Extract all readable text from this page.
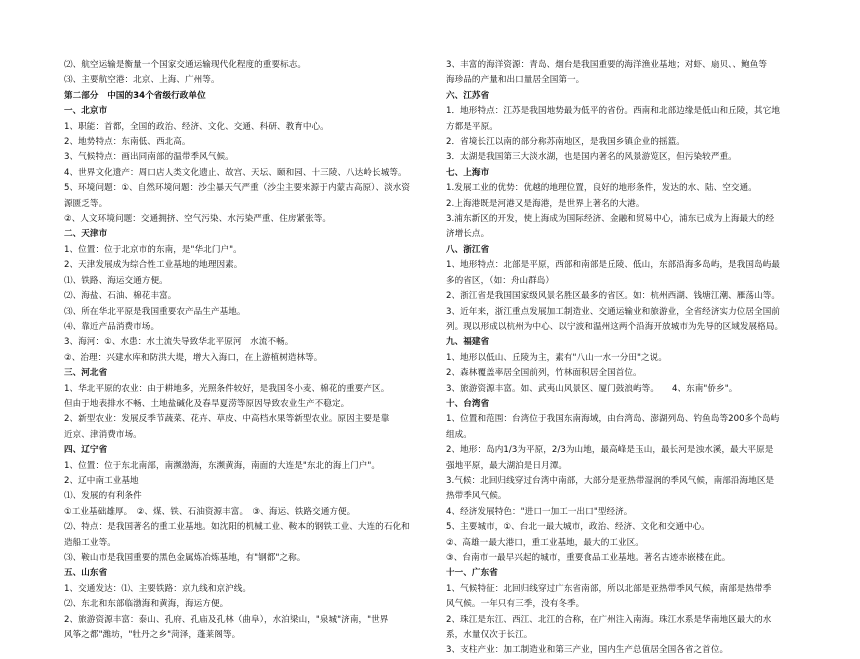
⑵、航空运输是衡量一个国家交通运输现代化程度的重要标志。
⑶、主要航空港：北京、上海、广州等。
第二部分　中国的34个省级行政单位
一、北京市
1、职能：首都，全国的政治、经济、文化、交通、科研、教育中心。
2、地势特点：东南低、西北高。
3、气候特点：画出同南部的温带季风气候。
4、世界文化遗产：周口店人类文化遗止、故宫、天坛、颐和园、十三陵、八达岭长城等。
5、环境问题：①、自然环境问题：沙尘暴天气严重（沙尘主要来源于内蒙古高原）、淡水资
源匮乏等。
②、人文环境问题：交通拥挤、空气污染、水污染严重、住房紧张等。
二、天津市
1、位置：位于北京市的东南，是"华北门户"。
2、天津发展成为综合性工业基地的地理因素。
⑴、铁路、海运交通方便。
⑵、海盐、石油、棉花丰富。
⑶、所在华北平原是我国重要农产品生产基地。
⑷、靠近产品消费市场。
3、海河：①、水患：水土流失导致华北平原河　水流不畅。
②、治理：兴建水库和防洪大堤，增大入海口，在上游植树造林等。
三、河北省
1、华北平原的农业：由于耕地多，光照条件较好，是我国冬小麦、棉花的重要产区。
但由于地表排水不畅、土地盐碱化及春旱夏涝等原因导致农业生产不稳定。
2、新型农业：发展反季节蔬菜、花卉、草皮、中高档水果等新型农业。原因主要是靠
近京、津消费市场。
四、辽宁省
1、位置：位于东北南部，南濒渤海，东濒黄海，南面的大连是"东北的海上门户"。
2、辽中南工业基地
⑴、发展的有利条件
①工业基础雄厚。　②、煤、铁、石油资源丰富。　③、海运、铁路交通方便。
⑵、特点：是我国著名的重工业基地。如沈阳的机械工业、鞍本的钢铁工业、大连的石化和
造船工业等。
⑶、鞍山市是我国重要的黑色金属炼冶炼基地，有"钢都"之称。
五、山东省
1、交通发达：⑴、主要铁路：京九线和京沪线。
⑵、东北和东部临渤海和黄海，海运方便。
2、旅游资源丰富：泰山、孔府、孔庙及孔林（曲阜），水泊梁山，"泉城"济南，"世界
风筝之都"潍坊，"牡丹之乡"菏泽，蓬莱阁等。
3、丰富的海洋资源：青岛、烟台是我国重要的海洋渔业基地；对虾、扇贝、、鲍鱼等
海珍品的产量和出口量居全国第一。
六、江苏省
1．地形特点：江苏是我国地势最为低平的省份。西南和北部边缘是低山和丘陵，其它地
方都是平原。
2．省境长江以南的部分称苏南地区，是我国乡镇企业的摇篮。
3．太湖是我国第三大淡水湖，也是国内著名的风景游览区，但污染较严重。
七、上海市
1.发展工业的优势：优越的地理位置，良好的地形条件，发达的水、陆、空交通。
2.上海港既是河港又是海港，是世界上著名的大港。
3.浦东新区的开发，使上海成为国际经济、金融和贸易中心，浦东已成为上海最大的经
济增长点。
八、浙江省
1、地形特点：北部是平原，西部和南部是丘陵、低山，东部沿海多岛屿，是我国岛屿最
多的省区，（如：舟山群岛）
2、浙江省是我国国家级风景名胜区最多的省区。如：杭州西湖、钱塘江潮、雁荡山等。
3、近年来，浙江重点发展加工制造业、交通运输业和旅游业，全省经济实力位居全国前
列。现以形成以杭州为中心、以宁波和温州这两个沿海开放城市为先导的区域发展格局。
九、福建省
1、地形以低山、丘陵为主，素有"八山一水一分田"之说。
2、森林覆盖率居全国前列，竹林面积居全国首位。
3、旅游资源丰富。如、武夷山风景区、厦门鼓浪屿等。　　4、东南"侨乡"。
十、台湾省
1、位置和范围：台湾位于我国东南海域，由台湾岛、澎湖列岛、钓鱼岛等200多个岛屿
组成。
2、地形：岛内1/3为平原，2/3为山地，最高峰是玉山，最长河是浊水溪，最大平原是
强地平原，最大湖泊是日月潭。
3.气候：北回归线穿过台湾中南部，大部分是亚热带湿润的季风气候，南部沿海地区是
热带季风气候。
4、经济发展特色："进口一加工一出口"型经济。
5、主要城市，①、台北一最大城市，政治、经济、文化和交通中心。
②、高雄一最大港口，重工业基地，最大的工业区。
③、台南市一最早兴起的城市，重要食品工业基地。著名古迹赤嵌楼在此。
十一、广东省
1、气候特征：北回归线穿过广东省南部，所以北部是亚热带季风气候，南部是热带季
风气候。一年只有三季，没有冬季。
2、珠江是东江、西江、北江的合称，在广州注入南海。珠江水系是华南地区最大的水
系，水量仅次于长江。
3、支柱产业：加工制造业和第三产业，国内生产总值居全国各省之首位。
